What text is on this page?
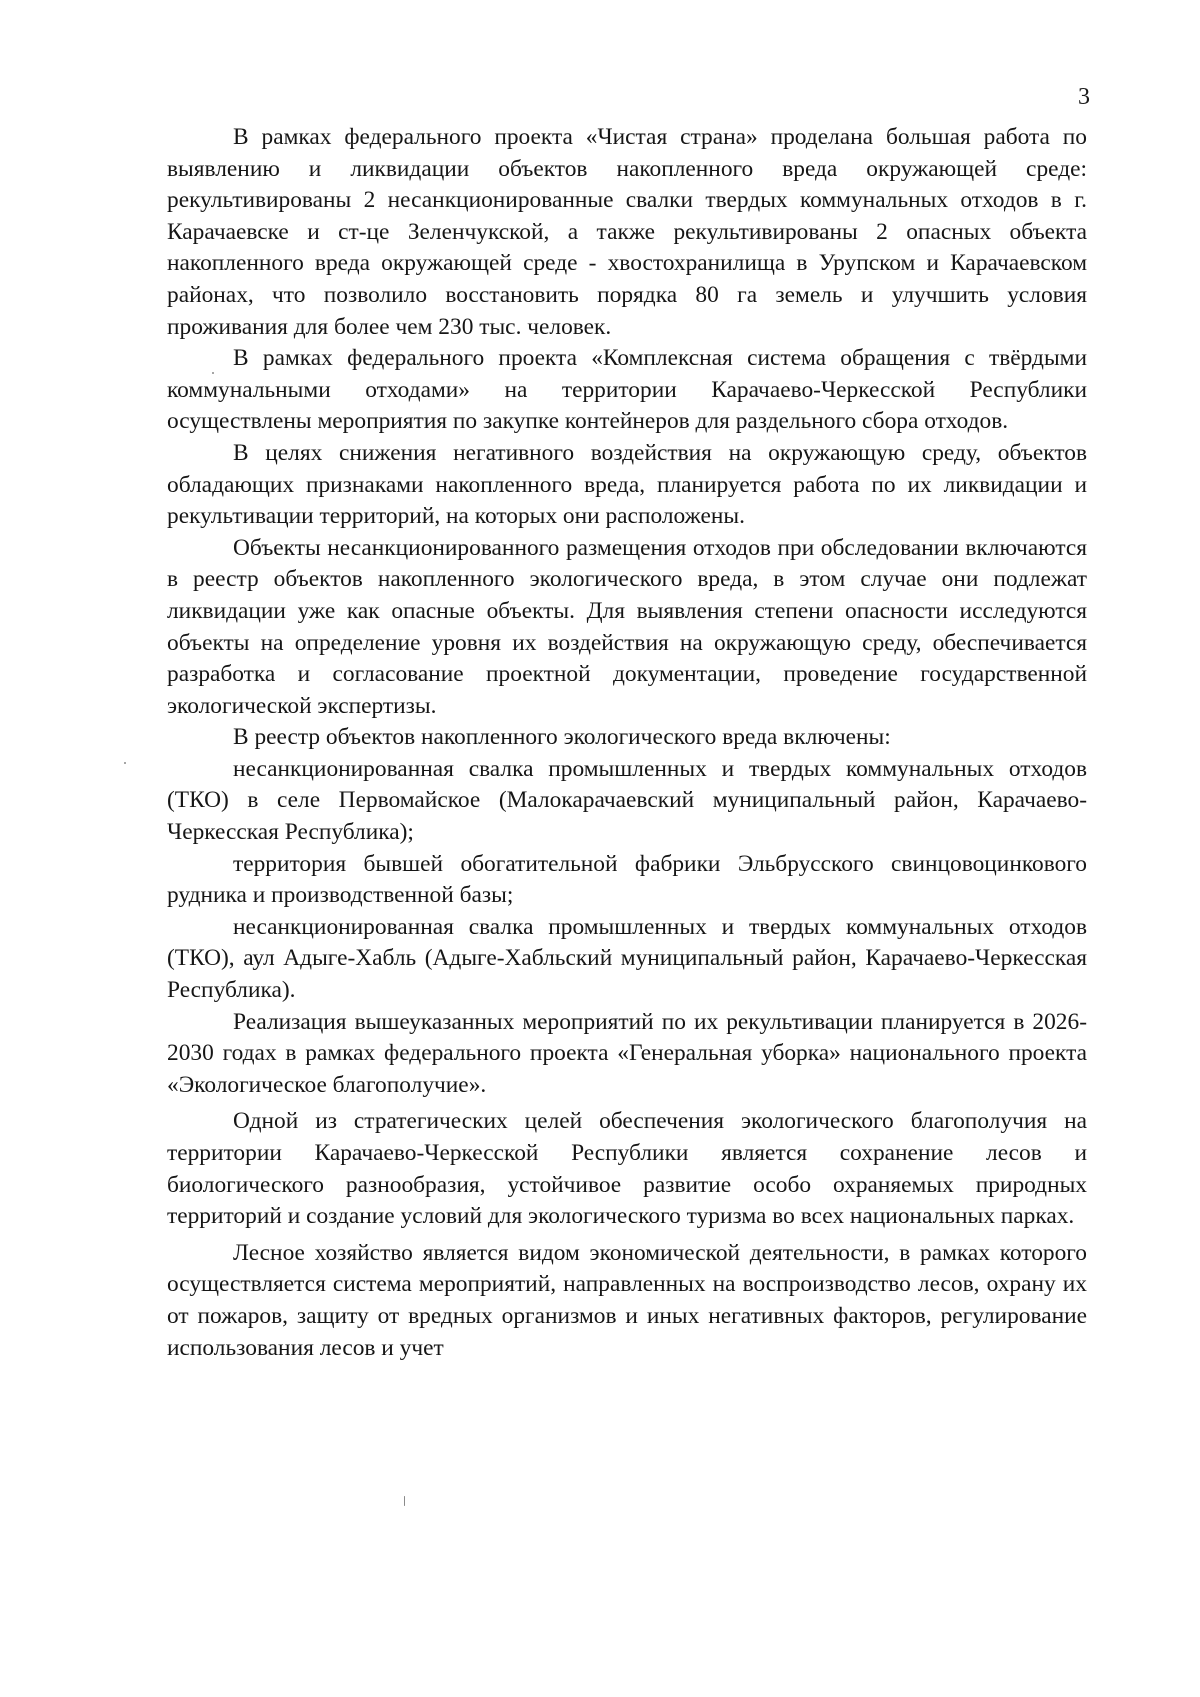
3

В рамках федерального проекта «Чистая страна» проделана большая работа по выявлению и ликвидации объектов накопленного вреда окружающей среде: рекультивированы 2 несанкционированные свалки твердых коммунальных отходов в г. Карачаевске и ст-це Зеленчукской, а также рекультивированы 2 опасных объекта накопленного вреда окружающей среде - хвостохранилища в Урупском и Карачаевском районах, что позволило восстановить порядка 80 га земель и улучшить условия проживания для более чем 230 тыс. человек.

В рамках федерального проекта «Комплексная система обращения с твёрдыми коммунальными отходами» на территории Карачаево-Черкесской Республики осуществлены мероприятия по закупке контейнеров для раздельного сбора отходов.

В целях снижения негативного воздействия на окружающую среду, объектов обладающих признаками накопленного вреда, планируется работа по их ликвидации и рекультивации территорий, на которых они расположены.

Объекты несанкционированного размещения отходов при обследовании включаются в реестр объектов накопленного экологического вреда, в этом случае они подлежат ликвидации уже как опасные объекты. Для выявления степени опасности исследуются объекты на определение уровня их воздействия на окружающую среду, обеспечивается разработка и согласование проектной документации, проведение государственной экологической экспертизы.

В реестр объектов накопленного экологического вреда включены:

несанкционированная свалка промышленных и твердых коммунальных отходов (ТКО) в селе Первомайское (Малокарачаевский муниципальный район, Карачаево-Черкесская Республика);

территория бывшей обогатительной фабрики Эльбрусского свинцовоцинкового рудника и производственной базы;

несанкционированная свалка промышленных и твердых коммунальных отходов (ТКО), аул Адыге-Хабль (Адыге-Хабльский муниципальный район, Карачаево-Черкесская Республика).

Реализация вышеуказанных мероприятий по их рекультивации планируется в 2026-2030 годах в рамках федерального проекта «Генеральная уборка» национального проекта «Экологическое благополучие».

Одной из стратегических целей обеспечения экологического благополучия на территории Карачаево-Черкесской Республики является сохранение лесов и биологического разнообразия, устойчивое развитие особо охраняемых природных территорий и создание условий для экологического туризма во всех национальных парках.

Лесное хозяйство является видом экономической деятельности, в рамках которого осуществляется система мероприятий, направленных на воспроизводство лесов, охрану их от пожаров, защиту от вредных организмов и иных негативных факторов, регулирование использования лесов и учет
